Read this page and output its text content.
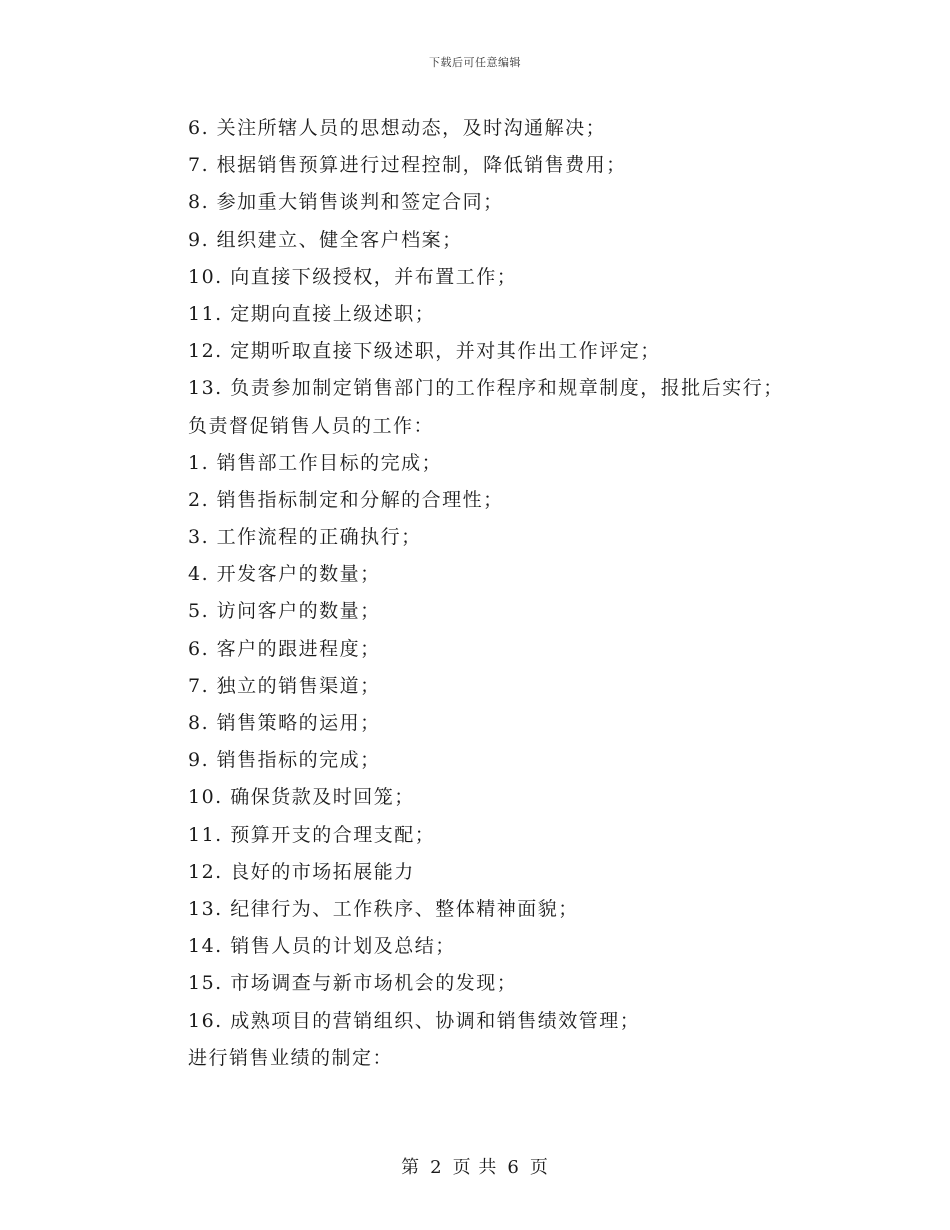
下载后可任意编辑
6. 关注所辖人员的思想动态，及时沟通解决；
7. 根据销售预算进行过程控制，降低销售费用；
8. 参加重大销售谈判和签定合同；
9. 组织建立、健全客户档案；
10. 向直接下级授权，并布置工作；
11. 定期向直接上级述职；
12. 定期听取直接下级述职，并对其作出工作评定；
13. 负责参加制定销售部门的工作程序和规章制度，报批后实行；
负责督促销售人员的工作：
1. 销售部工作目标的完成；
2. 销售指标制定和分解的合理性；
3. 工作流程的正确执行；
4. 开发客户的数量；
5. 访问客户的数量；
6. 客户的跟进程度；
7. 独立的销售渠道；
8. 销售策略的运用；
9. 销售指标的完成；
10. 确保货款及时回笼；
11. 预算开支的合理支配；
12. 良好的市场拓展能力
13. 纪律行为、工作秩序、整体精神面貌；
14. 销售人员的计划及总结；
15. 市场调查与新市场机会的发现；
16. 成熟项目的营销组织、协调和销售绩效管理；
进行销售业绩的制定：
第 2 页 共 6 页
